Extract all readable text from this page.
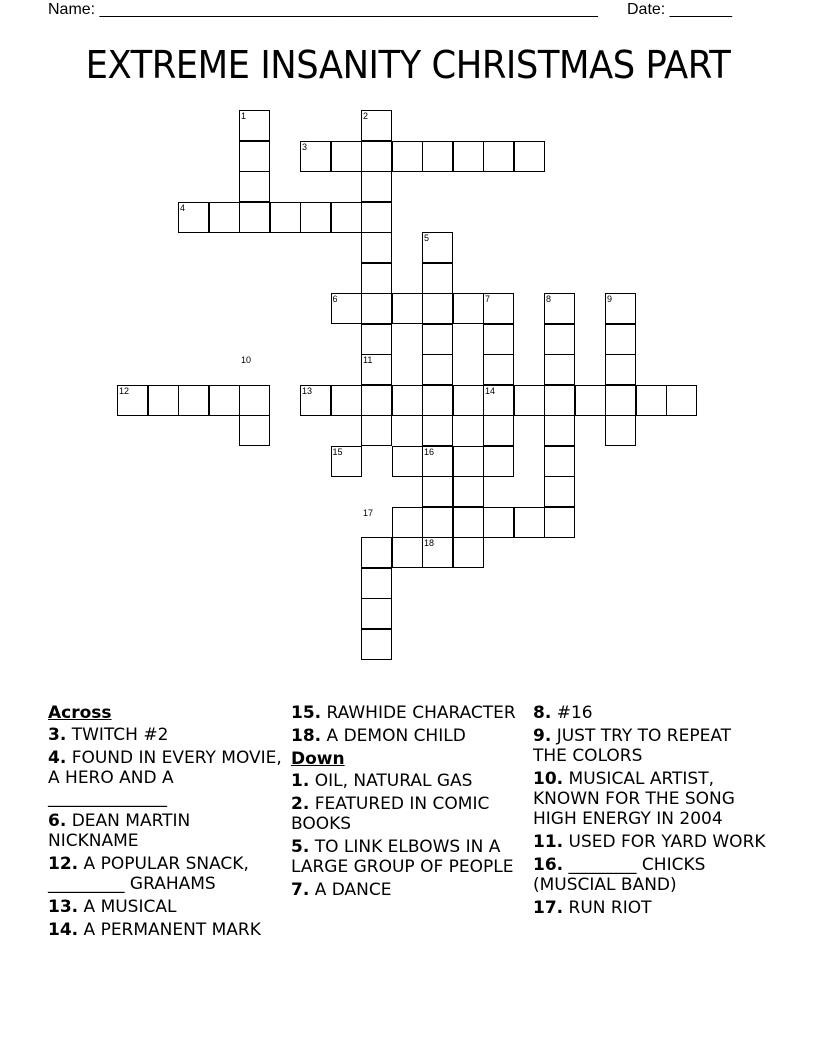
Name: ________________________________________________________ Date: _______
EXTREME INSANITY CHRISTMAS PART
1	2
3
4
5
6	7	8	9
10	11
12	13	14
15	16
17
18
Across
3. TWITCH #2
4. FOUND IN EVERY MOVIE, A HERO AND A ______________
6. DEAN MARTIN NICKNAME
12. A POPULAR SNACK, _________ GRAHAMS
13. A MUSICAL
14. A PERMANENT MARK
15. RAWHIDE CHARACTER
18. A DEMON CHILD
Down
1. OIL, NATURAL GAS
2. FEATURED IN COMIC BOOKS
5. TO LINK ELBOWS IN A LARGE GROUP OF PEOPLE
7. A DANCE
8. #16
9. JUST TRY TO REPEAT THE COLORS
10. MUSICAL ARTIST, KNOWN FOR THE SONG HIGH ENERGY IN 2004
11. USED FOR YARD WORK
16. ________ CHICKS (MUSCIAL BAND)
17. RUN RIOT
